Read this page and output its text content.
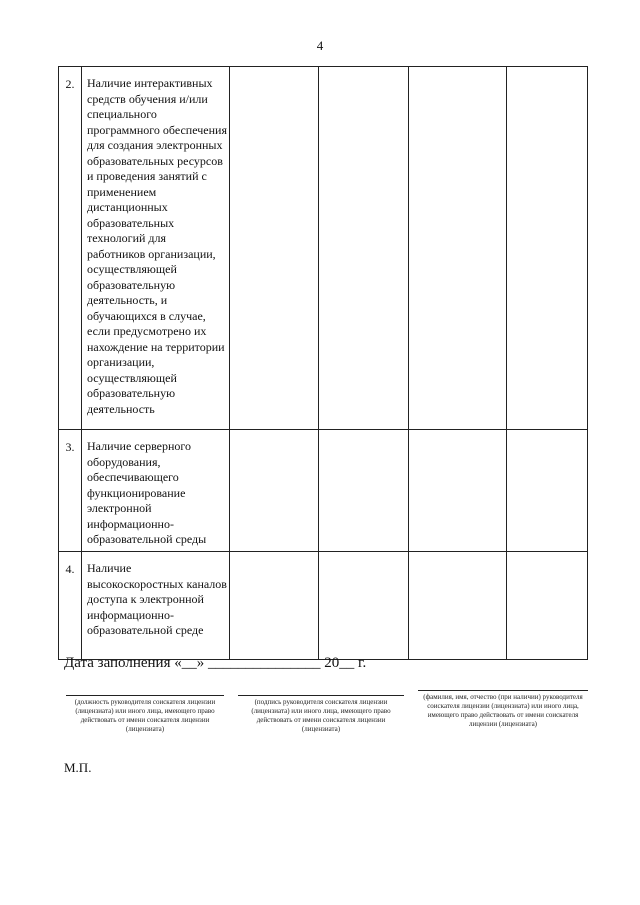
4
2.	Наличие интерактивных средств обучения и/или специального программного обеспечения для создания электронных образовательных ресурсов и проведения занятий с применением дистанционных образовательных технологий для работников организации, осуществляющей образовательную деятельность, и обучающихся в случае, если предусмотрено их нахождение на территории организации, осуществляющей образовательную деятельность				
3.	Наличие серверного оборудования, обеспечивающего функционирование электронной информационно-образовательной среды				
4.	Наличие высокоскоростных каналов доступа к электронной информационно-образовательной среде				
Дата заполнения «__» _______________ 20__ г.
(должность руководителя соискателя лицензии (лицензиата) или иного лица, имеющего право действовать от имени соискателя лицензии (лицензиата)
(подпись руководителя соискателя лицензии (лицензиата) или иного лица, имеющего право действовать от имени соискателя лицензии (лицензиата)
(фамилия, имя, отчество (при наличии) руководителя соискателя лицензии (лицензиата) или иного лица, имеющего право действовать от имени соискателя лицензии (лицензиата)
М.П.
